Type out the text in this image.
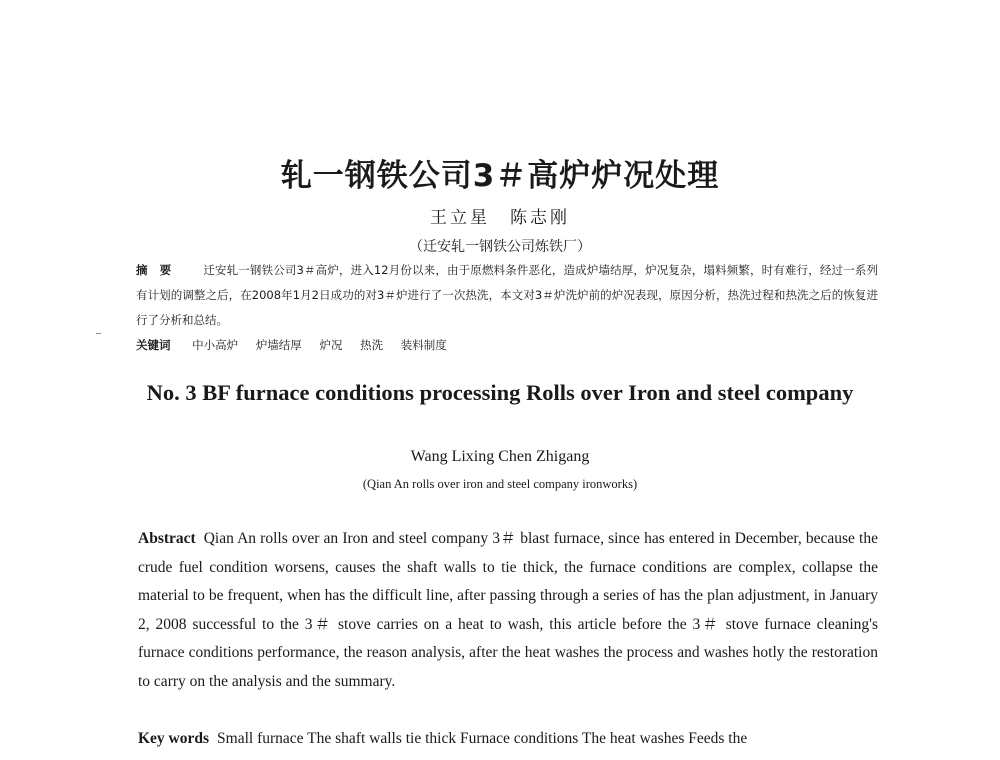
轧一钢铁公司3＃高炉炉况处理
王立星　陈志刚
（迁安轧一钢铁公司炼铁厂）
摘要 迁安轧一钢铁公司3＃高炉，进入12月份以来，由于原燃料条件恶化，造成炉墙结厚，炉况复杂，塌料频繁，时有难行，经过一系列有计划的调整之后，在2008年1月2日成功的对3＃炉进行了一次热洗，本文对3＃炉洗炉前的炉况表现，原因分析，热洗过程和热洗之后的恢复进行了分析和总结。
关键词 中小高炉 炉墙结厚 炉况 热洗 装料制度
No. 3 BF furnace conditions processing Rolls over Iron and steel company
Wang Lixing Chen Zhigang
(Qian An rolls over iron and steel company ironworks)
Abstract Qian An rolls over an Iron and steel company 3＃ blast furnace, since has entered in December, because the crude fuel condition worsens, causes the shaft walls to tie thick, the furnace conditions are complex, collapse the material to be frequent, when has the difficult line, after passing through a series of has the plan adjustment, in January 2, 2008 successful to the 3＃ stove carries on a heat to wash, this article before the 3＃ stove furnace cleaning's furnace conditions performance, the reason analysis, after the heat washes the process and washes hotly the restoration to carry on the analysis and the summary.
Key words Small furnace The shaft walls tie thick Furnace conditions The heat washes Feeds the
